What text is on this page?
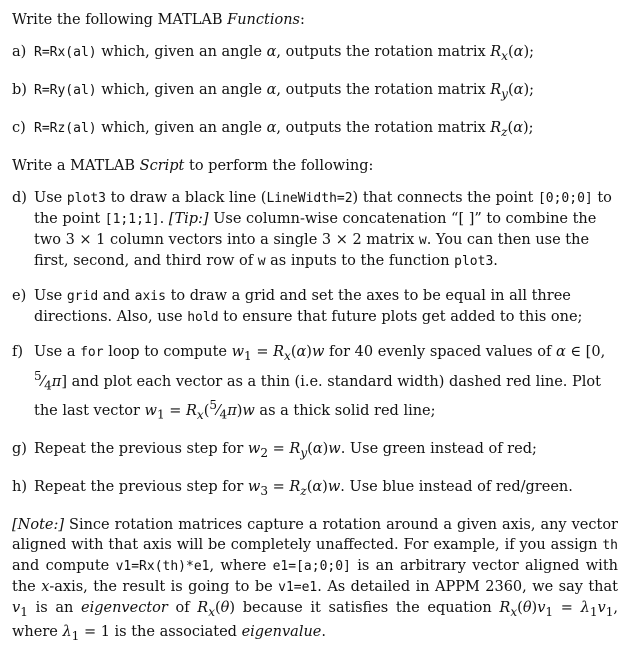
Write the following MATLAB Functions:

a) R=Rx(al) which, given an angle α, outputs the rotation matrix $R_x(\alpha)$;
b) R=Ry(al) which, given an angle α, outputs the rotation matrix $R_y(\alpha)$;
c) R=Rz(al) which, given an angle α, outputs the rotation matrix $R_z(\alpha)$;

Write a MATLAB Script to perform the following:

d) Use plot3 to draw a black line (LineWidth=2) that connects the point [0;0;0] to the point [1;1;1]. [Tip:] Use column-wise concatenation “[ ]” to combine the two 3 × 1 column vectors into a single 3 × 2 matrix w. You can then use the first, second, and third row of w as inputs to the function plot3.
e) Use grid and axis to draw a grid and set the axes to be equal in all three directions. Also, use hold to ensure that future plots get added to this one;
f) Use a for loop to compute $w_1 = R_x(\alpha)w$ for 40 evenly spaced values of α ∈ [0, $^5⁄_4\pi$] and plot each vector as a thin (i.e. standard width) dashed red line. Plot the last vector $w_1$ = $R_x(^5⁄_4\pi)w$ as a thick solid red line;
g) Repeat the previous step for $w_2 = R_y(\alpha)w$. Use green instead of red;
h) Repeat the previous step for $w_3 = R_z(\alpha)w$. Use blue instead of red/green.

[Note:] Since rotation matrices capture a rotation around a given axis, any vector aligned with that axis will be completely unaffected. For example, if you assign th and compute v1=Rx(th)*e1, where e1=[a;0;0] is an arbitrary vector aligned with the x-axis, the result is going to be v1=e1. As detailed in APPM 2360, we say that $v_1$ is an eigenvector of $R_x(\theta)$ because it satisfies the equation $R_x(\theta)v_1 = \lambda_1v_1$, where $\lambda_1 = 1$ is the associated eigenvalue.
